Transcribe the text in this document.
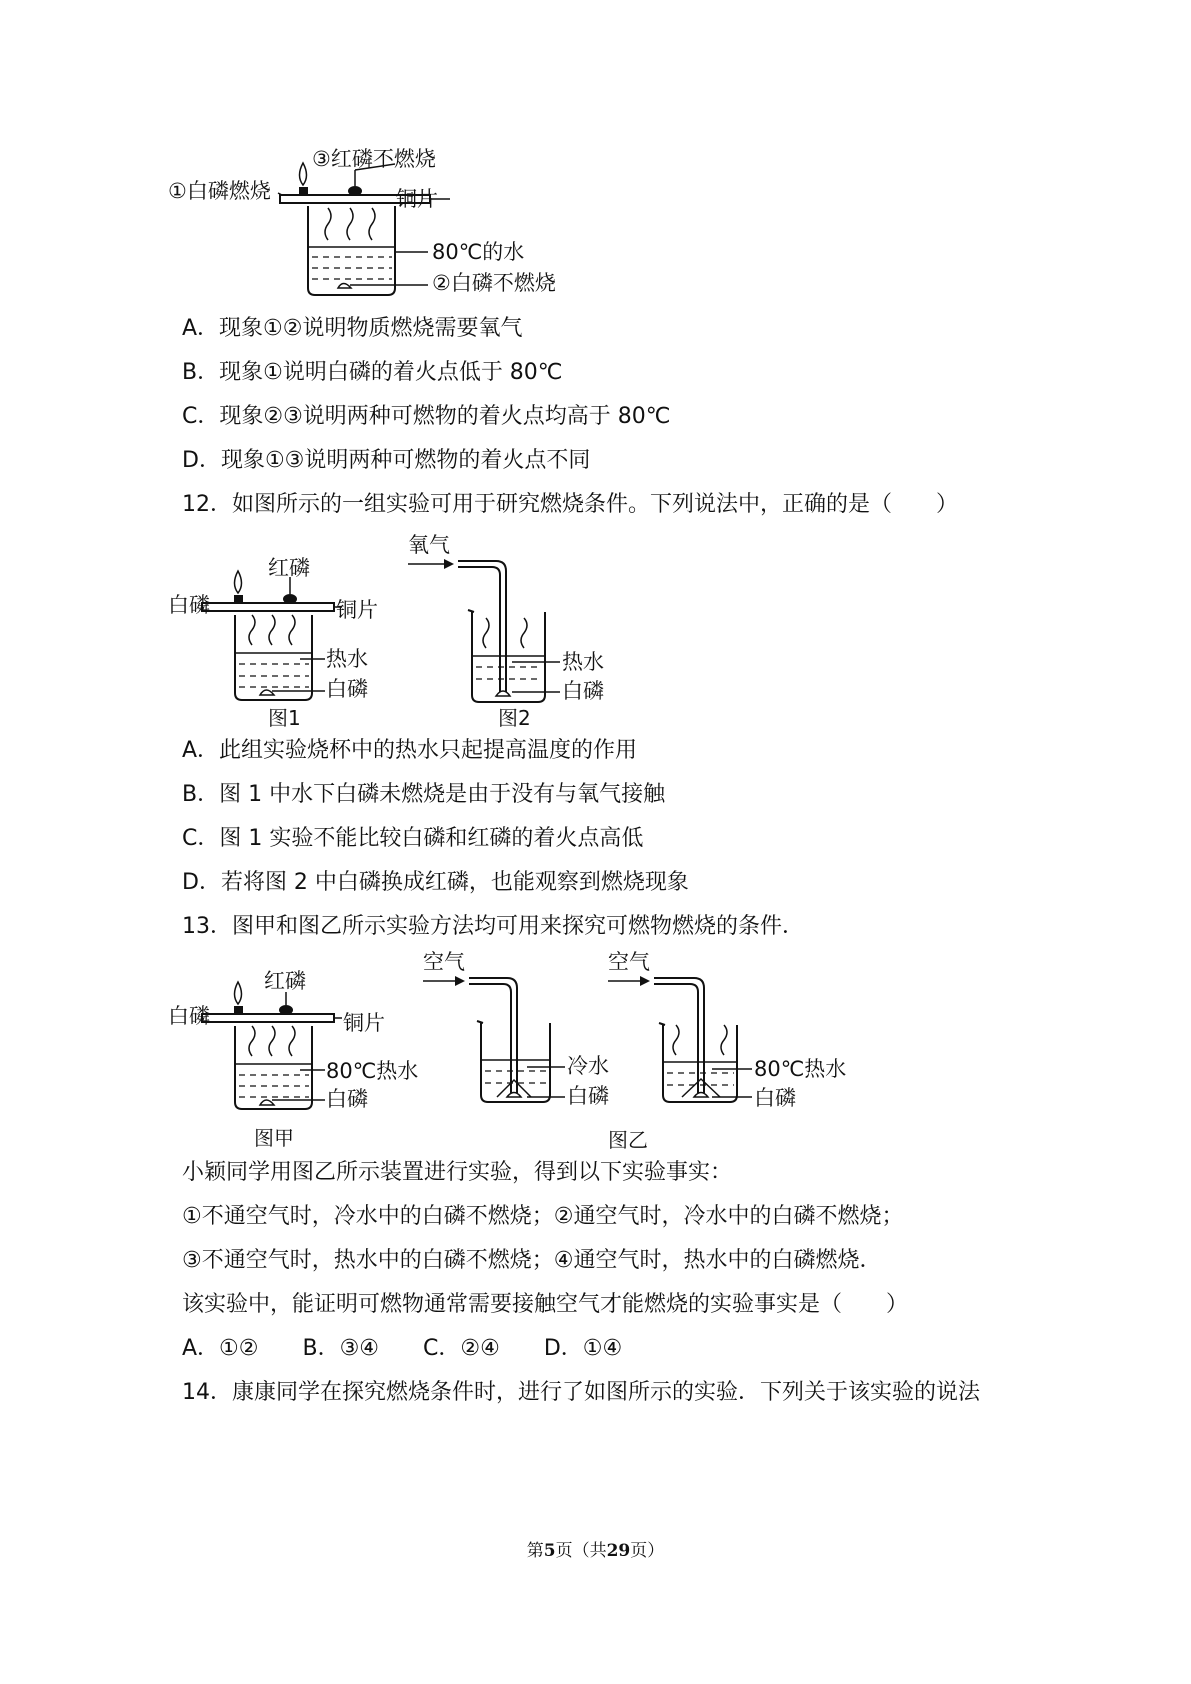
③红磷不燃烧
①白磷燃烧	铜片
80℃的水
②白磷不燃烧
A．现象①②说明物质燃烧需要氧气
B．现象①说明白磷的着火点低于 80℃
C．现象②③说明两种可燃物的着火点均高于 80℃
D．现象①③说明两种可燃物的着火点不同
12．如图所示的一组实验可用于研究燃烧条件。下列说法中，正确的是（　　）
红磷
白磷	铜片
热水
白磷
图1
氧气
热水
白磷
图2
A．此组实验烧杯中的热水只起提高温度的作用
B．图 1 中水下白磷未燃烧是由于没有与氧气接触
C．图 1 实验不能比较白磷和红磷的着火点高低
D．若将图 2 中白磷换成红磷，也能观察到燃烧现象
13．图甲和图乙所示实验方法均可用来探究可燃物燃烧的条件．
红磷
白磷	铜片
80℃热水
白磷
图甲
空气
冷水
白磷
空气
80℃热水
白磷
图乙
小颖同学用图乙所示装置进行实验，得到以下实验事实：
①不通空气时，冷水中的白磷不燃烧；②通空气时，冷水中的白磷不燃烧；
③不通空气时，热水中的白磷不燃烧；④通空气时，热水中的白磷燃烧．
该实验中，能证明可燃物通常需要接触空气才能燃烧的实验事实是（　　）
A．①②　　B．③④　　C．②④　　D．①④
14．康康同学在探究燃烧条件时，进行了如图所示的实验．下列关于该实验的说法
第5页（共29页）
